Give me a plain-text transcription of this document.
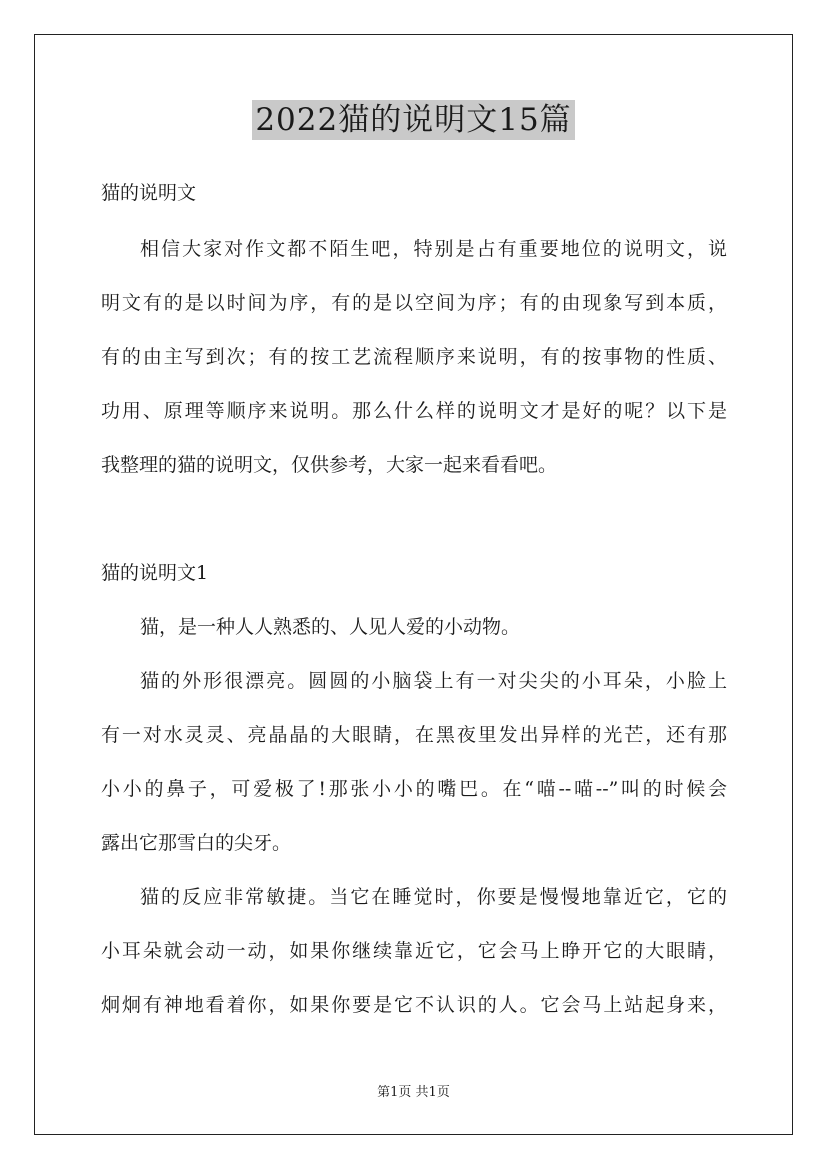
2022猫的说明文15篇
猫的说明文
相信大家对作文都不陌生吧，特别是占有重要地位的说明文，说
明文有的是以时间为序，有的是以空间为序；有的由现象写到本质，
有的由主写到次；有的按工艺流程顺序来说明，有的按事物的性质、
功用、原理等顺序来说明。那么什么样的说明文才是好的呢？以下是
我整理的猫的说明文，仅供参考，大家一起来看看吧。
猫的说明文1
猫，是一种人人熟悉的、人见人爱的小动物。
猫的外形很漂亮。圆圆的小脑袋上有一对尖尖的小耳朵，小脸上
有一对水灵灵、亮晶晶的大眼睛，在黑夜里发出异样的光芒，还有那
小小的鼻子，可爱极了!那张小小的嘴巴。在“喵--喵--”叫的时候会
露出它那雪白的尖牙。
猫的反应非常敏捷。当它在睡觉时，你要是慢慢地靠近它，它的
小耳朵就会动一动，如果你继续靠近它，它会马上睁开它的大眼睛，
炯炯有神地看着你，如果你要是它不认识的人。它会马上站起身来，
第1页 共1页
